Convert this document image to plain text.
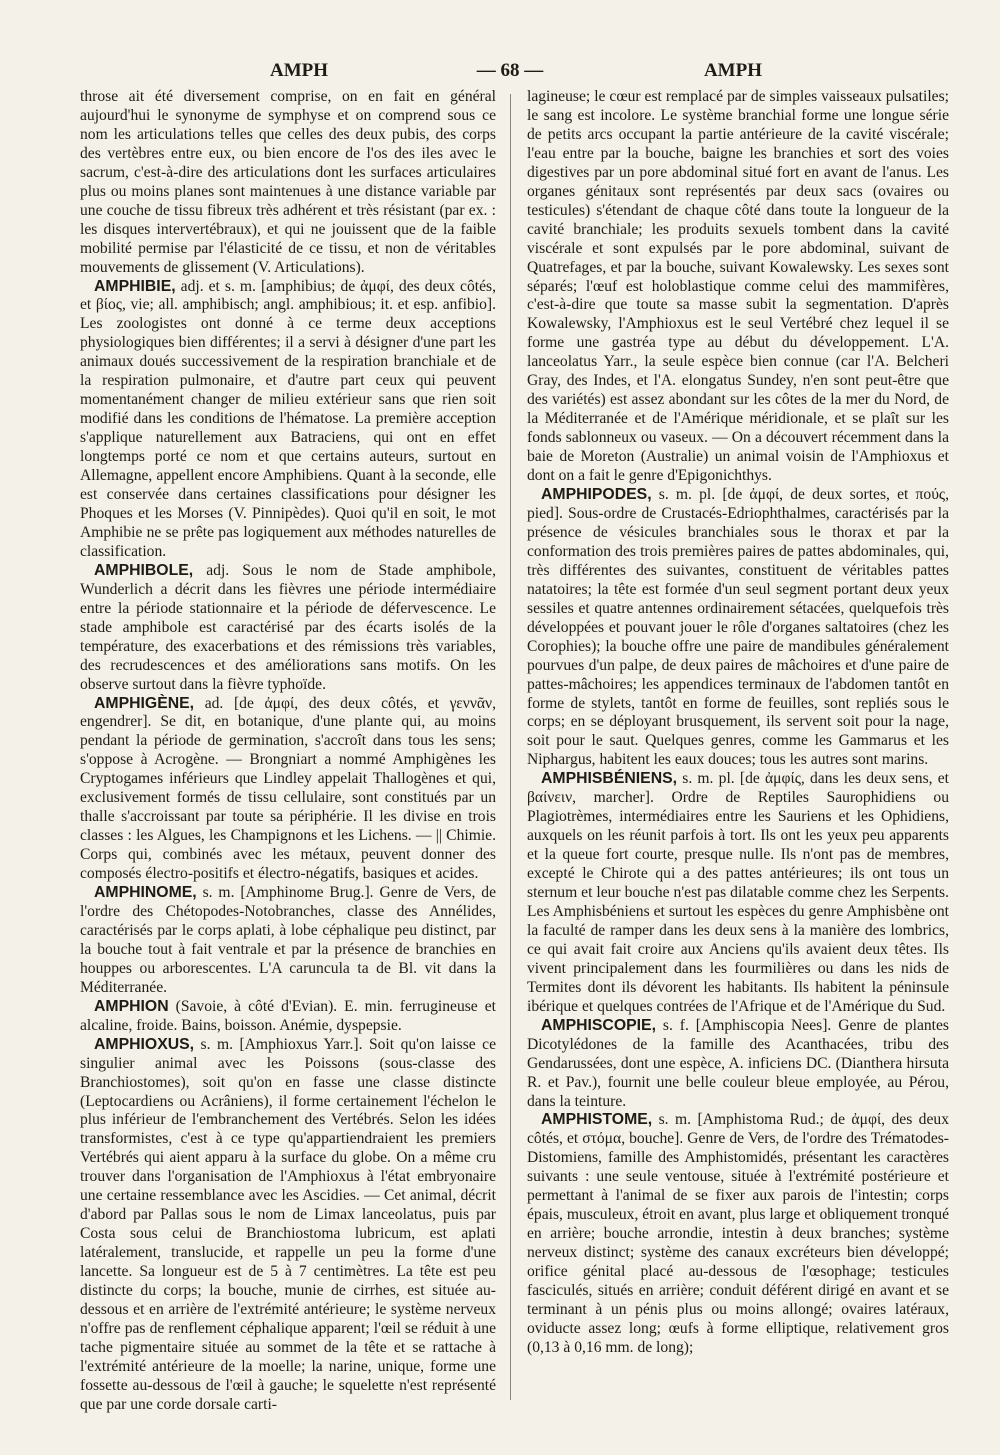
AMPH	— 68 —	AMPH

throse ait été diversement comprise, on en fait en général aujourd'hui le synonyme de symphyse et on comprend sous ce nom les articulations telles que celles des deux pubis, des corps des vertèbres entre eux, ou bien encore de l'os des iles avec le sacrum, c'est-à-dire des articulations dont les surfaces articulaires plus ou moins planes sont maintenues à une distance variable par une couche de tissu fibreux très adhérent et très résistant (par ex. : les disques intervertébraux), et qui ne jouissent que de la faible mobilité permise par l'élasticité de ce tissu, et non de véritables mouvements de glissement (V. Articulations).

AMPHIBIE, adj. et s. m. [amphibius; de ἀμφί, des deux côtés, et βίος, vie; all. amphibisch; angl. amphibious; it. et esp. anfibio]. Les zoologistes ont donné à ce terme deux acceptions physiologiques bien différentes; il a servi à désigner d'une part les animaux doués successivement de la respiration branchiale et de la respiration pulmonaire, et d'autre part ceux qui peuvent momentanément changer de milieu extérieur sans que rien soit modifié dans les conditions de l'hématose. La première acception s'applique naturellement aux Batraciens, qui ont en effet longtemps porté ce nom et que certains auteurs, surtout en Allemagne, appellent encore Amphibiens. Quant à la seconde, elle est conservée dans certaines classifications pour désigner les Phoques et les Morses (V. Pinnipèdes). Quoi qu'il en soit, le mot Amphibie ne se prête pas logiquement aux méthodes naturelles de classification.

AMPHIBOLE, adj. Sous le nom de Stade amphibole, Wunderlich a décrit dans les fièvres une période intermédiaire entre la période stationnaire et la période de défervescence. Le stade amphibole est caractérisé par des écarts isolés de la température, des exacerbations et des rémissions très variables, des recrudescences et des améliorations sans motifs. On les observe surtout dans la fièvre typhoïde.

AMPHIGÈNE, ad. [de ἀμφί, des deux côtés, et γεννᾶν, engendrer]. Se dit, en botanique, d'une plante qui, au moins pendant la période de germination, s'accroît dans tous les sens; s'oppose à Acrogène. — Brongniart a nommé Amphigènes les Cryptogames inférieurs que Lindley appelait Thallogènes et qui, exclusivement formés de tissu cellulaire, sont constitués par un thalle s'accroissant par toute sa périphérie. Il les divise en trois classes : les Algues, les Champignons et les Lichens. — || Chimie. Corps qui, combinés avec les métaux, peuvent donner des composés électro-positifs et électro-négatifs, basiques et acides.

AMPHINOME, s. m. [Amphinome Brug.]. Genre de Vers, de l'ordre des Chétopodes-Notobranches, classe des Annélides, caractérisés par le corps aplati, à lobe céphalique peu distinct, par la bouche tout à fait ventrale et par la présence de branchies en houppes ou arborescentes. L'A caruncula ta de Bl. vit dans la Méditerranée.

AMPHION (Savoie, à côté d'Evian). E. min. ferrugineuse et alcaline, froide. Bains, boisson. Anémie, dyspepsie.

AMPHIOXUS, s. m. [Amphioxus Yarr.]. Soit qu'on laisse ce singulier animal avec les Poissons (sous-classe des Branchiostomes), soit qu'on en fasse une classe distincte (Leptocardiens ou Acrâniens), il forme certainement l'échelon le plus inférieur de l'embranchement des Vertébrés. Selon les idées transformistes, c'est à ce type qu'appartiendraient les premiers Vertébrés qui aient apparu à la surface du globe. On a même cru trouver dans l'organisation de l'Amphioxus à l'état embryonaire une certaine ressemblance avec les Ascidies. — Cet animal, décrit d'abord par Pallas sous le nom de Limax lanceolatus, puis par Costa sous celui de Branchiostoma lubricum, est aplati latéralement, translucide, et rappelle un peu la forme d'une lancette. Sa longueur est de 5 à 7 centimètres. La tête est peu distincte du corps; la bouche, munie de cirrhes, est située au-dessous et en arrière de l'extrémité antérieure; le système nerveux n'offre pas de renflement céphalique apparent; l'œil se réduit à une tache pigmentaire située au sommet de la tête et se rattache à l'extrémité antérieure de la moelle; la narine, unique, forme une fossette au-dessous de l'œil à gauche; le squelette n'est représenté que par une corde dorsale carti-

lagineuse; le cœur est remplacé par de simples vaisseaux pulsatiles; le sang est incolore. Le système branchial forme une longue série de petits arcs occupant la partie antérieure de la cavité viscérale; l'eau entre par la bouche, baigne les branchies et sort des voies digestives par un pore abdominal situé fort en avant de l'anus. Les organes génitaux sont représentés par deux sacs (ovaires ou testicules) s'étendant de chaque côté dans toute la longueur de la cavité branchiale; les produits sexuels tombent dans la cavité viscérale et sont expulsés par le pore abdominal, suivant de Quatrefages, et par la bouche, suivant Kowalewsky. Les sexes sont séparés; l'œuf est holoblastique comme celui des mammifères, c'est-à-dire que toute sa masse subit la segmentation. D'après Kowalewsky, l'Amphioxus est le seul Vertébré chez lequel il se forme une gastréa type au début du développement. L'A. lanceolatus Yarr., la seule espèce bien connue (car l'A. Belcheri Gray, des Indes, et l'A. elongatus Sundey, n'en sont peut-être que des variétés) est assez abondant sur les côtes de la mer du Nord, de la Méditerranée et de l'Amérique méridionale, et se plaît sur les fonds sablonneux ou vaseux. — On a découvert récemment dans la baie de Moreton (Australie) un animal voisin de l'Amphioxus et dont on a fait le genre d'Epigonichthys.

AMPHIPODES, s. m. pl. [de ἀμφί, de deux sortes, et πούς, pied]. Sous-ordre de Crustacés-Edriophthalmes, caractérisés par la présence de vésicules branchiales sous le thorax et par la conformation des trois premières paires de pattes abdominales, qui, très différentes des suivantes, constituent de véritables pattes natatoires; la tête est formée d'un seul segment portant deux yeux sessiles et quatre antennes ordinairement sétacées, quelquefois très développées et pouvant jouer le rôle d'organes saltatoires (chez les Corophies); la bouche offre une paire de mandibules généralement pourvues d'un palpe, de deux paires de mâchoires et d'une paire de pattes-mâchoires; les appendices terminaux de l'abdomen tantôt en forme de stylets, tantôt en forme de feuilles, sont repliés sous le corps; en se déployant brusquement, ils servent soit pour la nage, soit pour le saut. Quelques genres, comme les Gammarus et les Niphargus, habitent les eaux douces; tous les autres sont marins.

AMPHISBÉNIENS, s. m. pl. [de ἀμφίς, dans les deux sens, et βαίνειν, marcher]. Ordre de Reptiles Saurophidiens ou Plagiotrèmes, intermédiaires entre les Sauriens et les Ophidiens, auxquels on les réunit parfois à tort. Ils ont les yeux peu apparents et la queue fort courte, presque nulle. Ils n'ont pas de membres, excepté le Chirote qui a des pattes antérieures; ils ont tous un sternum et leur bouche n'est pas dilatable comme chez les Serpents. Les Amphisbéniens et surtout les espèces du genre Amphisbène ont la faculté de ramper dans les deux sens à la manière des lombrics, ce qui avait fait croire aux Anciens qu'ils avaient deux têtes. Ils vivent principalement dans les fourmilières ou dans les nids de Termites dont ils dévorent les habitants. Ils habitent la péninsule ibérique et quelques contrées de l'Afrique et de l'Amérique du Sud.

AMPHISCOPIE, s. f. [Amphiscopia Nees]. Genre de plantes Dicotylédones de la famille des Acanthacées, tribu des Gendarussées, dont une espèce, A. inficiens DC. (Dianthera hirsuta R. et Pav.), fournit une belle couleur bleue employée, au Pérou, dans la teinture.

AMPHISTOME, s. m. [Amphistoma Rud.; de ἀμφί, des deux côtés, et στόμα, bouche]. Genre de Vers, de l'ordre des Trématodes-Distomiens, famille des Amphistomidés, présentant les caractères suivants : une seule ventouse, située à l'extrémité postérieure et permettant à l'animal de se fixer aux parois de l'intestin; corps épais, musculeux, étroit en avant, plus large et obliquement tronqué en arrière; bouche arrondie, intestin à deux branches; système nerveux distinct; système des canaux excréteurs bien développé; orifice génital placé au-dessous de l'œsophage; testicules fasciculés, situés en arrière; conduit déférent dirigé en avant et se terminant à un pénis plus ou moins allongé; ovaires latéraux, oviducte assez long; œufs à forme elliptique, relativement gros (0,13 à 0,16 mm. de long);
